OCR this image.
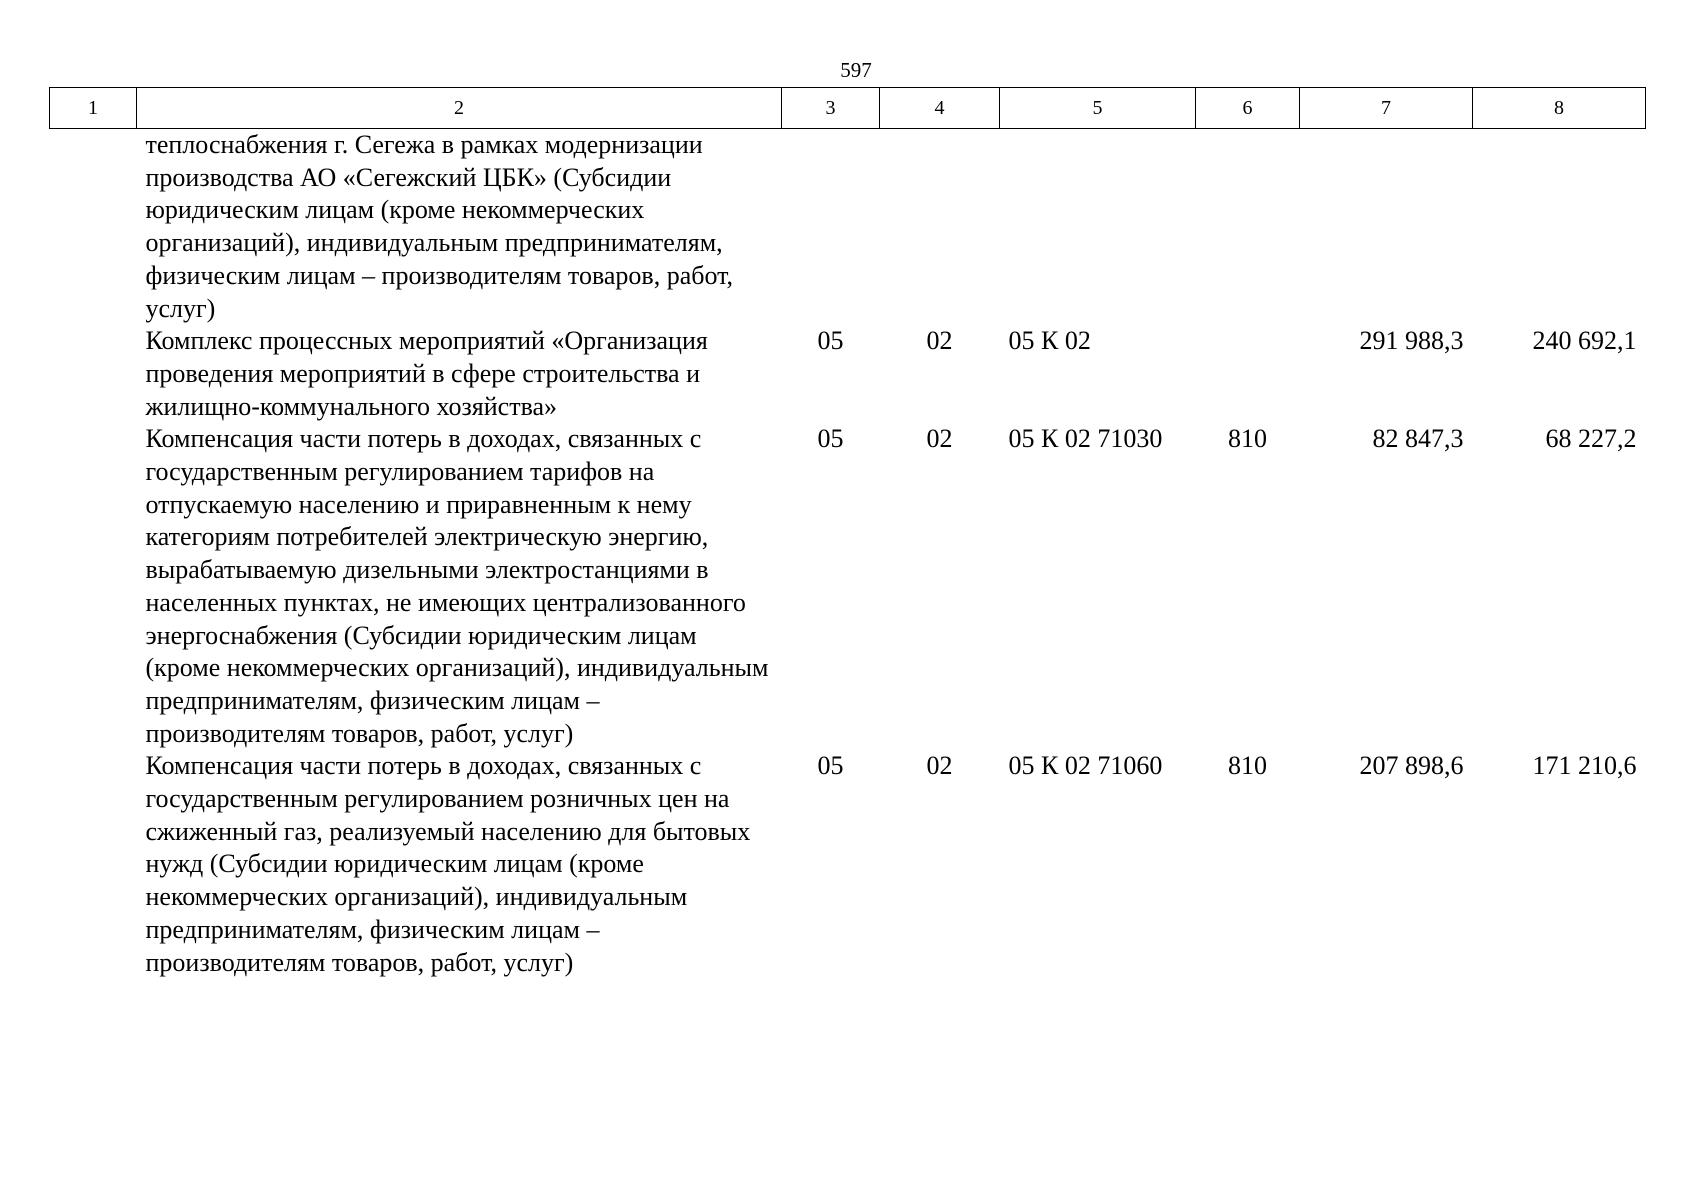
597
1	2	3	4	5	6	7	8
	теплоснабжения г. Сегежа в рамках модернизации производства АО «Сегежский ЦБК» (Субсидии юридическим лицам (кроме некоммерческих организаций), индивидуальным предпринимателям, физическим лицам – производителям товаров, работ, услуг)						
	Комплекс процессных мероприятий «Организация проведения мероприятий в сфере строительства и жилищно-коммунального хозяйства»	05	02	05 К 02		291 988,3	240 692,1
	Компенсация части потерь в доходах, связанных с государственным регулированием тарифов на отпускаемую населению и приравненным к нему категориям потребителей электрическую энергию, вырабатываемую дизельными электростанциями в населенных пунктах, не имеющих централизованного энергоснабжения (Субсидии юридическим лицам (кроме некоммерческих организаций), индивидуальным предпринимателям, физическим лицам – производителям товаров, работ, услуг)	05	02	05 К 02 71030	810	82 847,3	68 227,2
	Компенсация части потерь в доходах, связанных с государственным регулированием розничных цен на сжиженный газ, реализуемый населению для бытовых нужд (Субсидии юридическим лицам (кроме некоммерческих организаций), индивидуальным предпринимателям, физическим лицам – производителям товаров, работ, услуг)	05	02	05 К 02 71060	810	207 898,6	171 210,6
